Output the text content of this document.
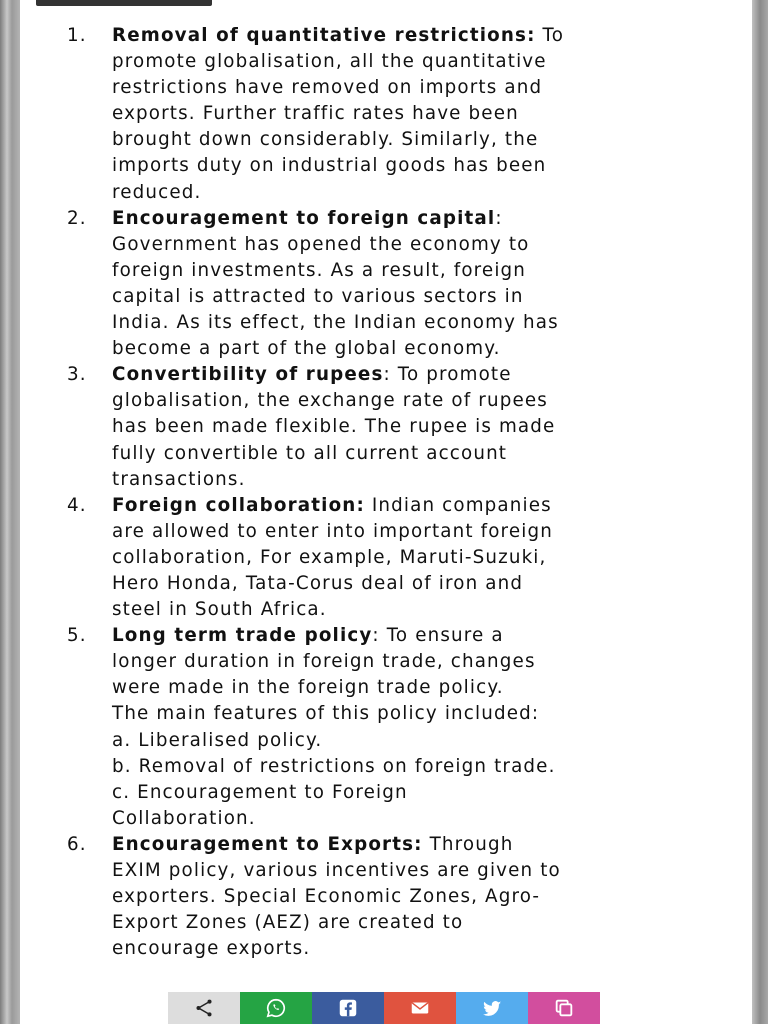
1.	Removal of quantitative restrictions: To
promote globalisation, all the quantitative
restrictions have removed on imports and
exports. Further traffic rates have been
brought down considerably. Similarly, the
imports duty on industrial goods has been
reduced.
2.	Encouragement to foreign capital:
Government has opened the economy to
foreign investments. As a result, foreign
capital is attracted to various sectors in
India. As its effect, the Indian economy has
become a part of the global economy.
3.	Convertibility of rupees: To promote
globalisation, the exchange rate of rupees
has been made flexible. The rupee is made
fully convertible to all current account
transactions.
4.	Foreign collaboration: Indian companies
are allowed to enter into important foreign
collaboration, For example, Maruti-Suzuki,
Hero Honda, Tata-Corus deal of iron and
steel in South Africa.
5.	Long term trade policy: To ensure a
longer duration in foreign trade, changes
were made in the foreign trade policy.
The main features of this policy included:
a. Liberalised policy.
b. Removal of restrictions on foreign trade.
c. Encouragement to Foreign
Collaboration.
6.	Encouragement to Exports: Through
EXIM policy, various incentives are given to
exporters. Special Economic Zones, Agro-
Export Zones (AEZ) are created to
encourage exports.
